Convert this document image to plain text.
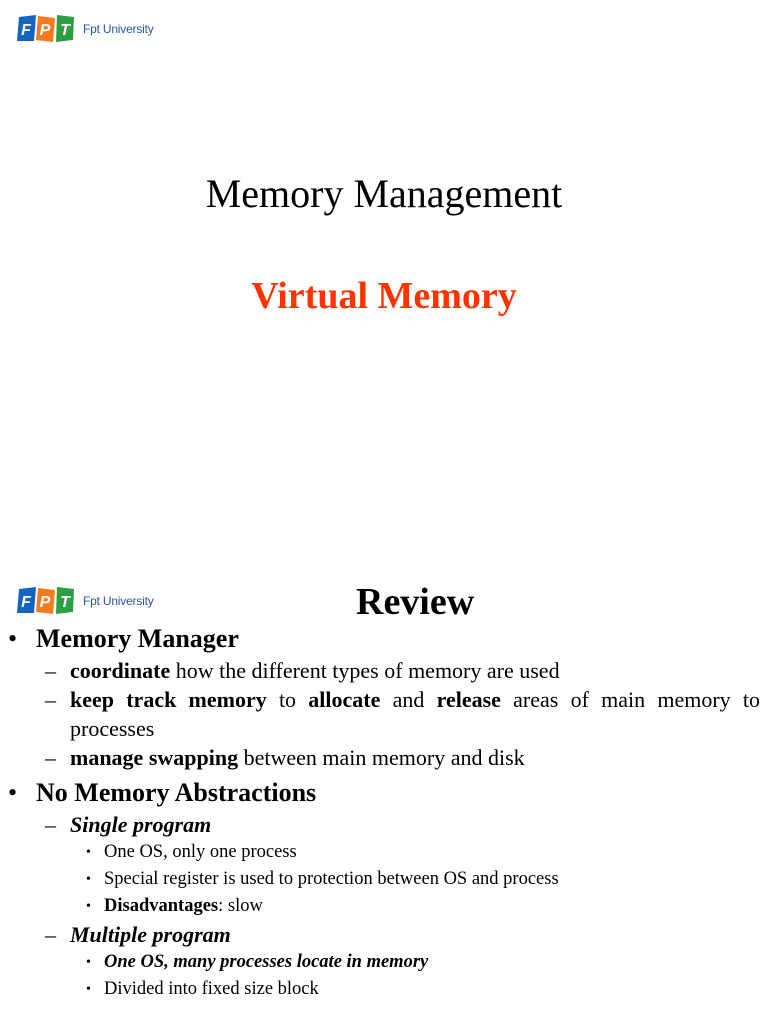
F P T Fpt University
Memory Management
Virtual Memory
F P T Fpt University	Review
• Memory Manager
– coordinate how the different types of memory are used
– keep track memory to allocate and release areas of main memory to processes
– manage swapping between main memory and disk
• No Memory Abstractions
– Single program
• One OS, only one process
• Special register is used to protection between OS and process
• Disadvantages: slow
– Multiple program
• One OS, many processes locate in memory
• Divided into fixed size block
